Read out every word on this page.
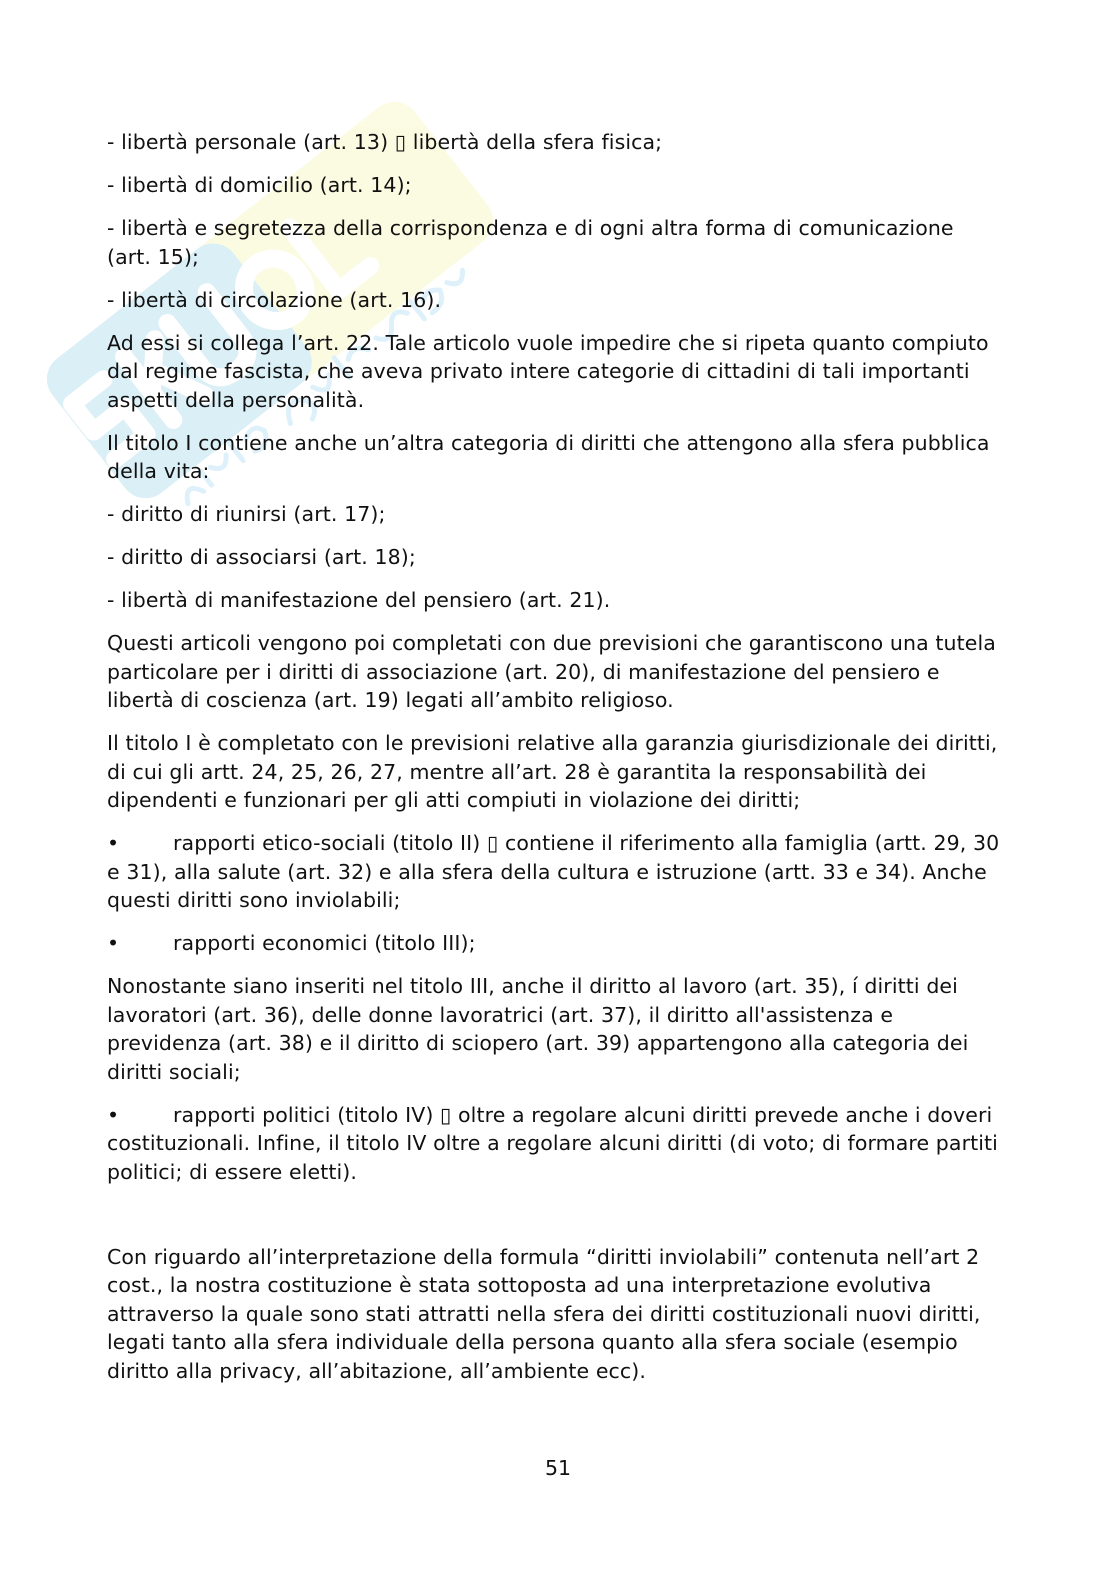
- libertà personale (art. 13) ▯ libertà della sfera fisica;

- libertà di domicilio (art. 14);

- libertà e segretezza della corrispondenza e di ogni altra forma di comunicazione (art. 15);

- libertà di circolazione (art. 16).

Ad essi si collega l’art. 22. Tale articolo vuole impedire che si ripeta quanto compiuto dal regime fascista, che aveva privato intere categorie di cittadini di tali importanti aspetti della personalità.

Il titolo I contiene anche un’altra categoria di diritti che attengono alla sfera pubblica della vita:

- diritto di riunirsi (art. 17);

- diritto di associarsi (art. 18);

- libertà di manifestazione del pensiero (art. 21).

Questi articoli vengono poi completati con due previsioni che garantiscono una tutela particolare per i diritti di associazione (art. 20), di manifestazione del pensiero e libertà di coscienza (art. 19) legati all’ambito religioso.

Il titolo I è completato con le previsioni relative alla garanzia giurisdizionale dei diritti, di cui gli artt. 24, 25, 26, 27, mentre all’art. 28 è garantita la responsabilità dei dipendenti e funzionari per gli atti compiuti in violazione dei diritti;

•	rapporti etico-sociali (titolo II) ▯ contiene il riferimento alla famiglia (artt. 29, 30 e 31), alla salute (art. 32) e alla sfera della cultura e istruzione (artt. 33 e 34). Anche questi diritti sono inviolabili;

•	rapporti economici (titolo III);

Nonostante siano inseriti nel titolo III, anche il diritto al lavoro (art. 35), í diritti dei lavoratori (art. 36), delle donne lavoratrici (art. 37), il diritto all'assistenza e previdenza (art. 38) e il diritto di sciopero (art. 39) appartengono alla categoria dei diritti sociali;

•	rapporti politici (titolo IV) ▯ oltre a regolare alcuni diritti prevede anche i doveri costituzionali. Infine, il titolo IV oltre a regolare alcuni diritti (di voto; di formare partiti politici; di essere eletti).

Con riguardo all’interpretazione della formula “diritti inviolabili” contenuta nell’art 2 cost., la nostra costituzione è stata sottoposta ad una interpretazione evolutiva attraverso la quale sono stati attratti nella sfera dei diritti costituzionali nuovi diritti, legati tanto alla sfera individuale della persona quanto alla sfera sociale (esempio diritto alla privacy, all’abitazione, all’ambiente ecc).

51
